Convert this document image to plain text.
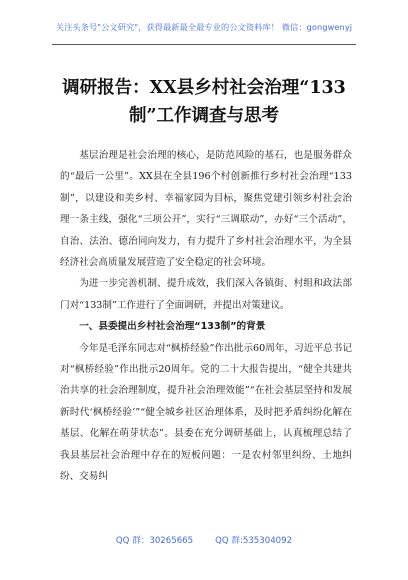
关注头条号"公文研究"，获得最新最全最专业的公文资料库！ 微信：gongwenyj
调研报告：XX县乡村社会治理“133
制”工作调查与思考

基层治理是社会治理的核心，是防范风险的基石，也是服务群众的“最后一公里”。XX县在全县196个村创新推行乡村社会治理“133制”，以建设和美乡村、幸福家园为目标，聚焦党建引领乡村社会治理一条主线，强化“三项公开”，实行“三调联动”，办好“三个活动”，自治、法治、德治同向发力，有力提升了乡村社会治理水平，为全县经济社会高质量发展营造了安全稳定的社会环境。

为进一步完善机制、提升成效，我们深入各镇街、村组和政法部门对“133制”工作进行了全面调研，并提出对策建议。

一、县委提出乡村社会治理“133制”的背景

今年是毛泽东同志对“枫桥经验”作出批示60周年，习近平总书记对“枫桥经验”作出批示20周年。党的二十大报告提出，“健全共建共治共享的社会治理制度，提升社会治理效能”“在社会基层坚持和发展新时代‘枫桥经验’”“健全城乡社区治理体系，及时把矛盾纠纷化解在基层、化解在萌芽状态”。县委在充分调研基础上，认真梳理总结了我县基层社会治理中存在的短板问题：一是农村邻里纠纷、土地纠纷、交易纠

QQ 群：30265665	QQ 群:535304092
